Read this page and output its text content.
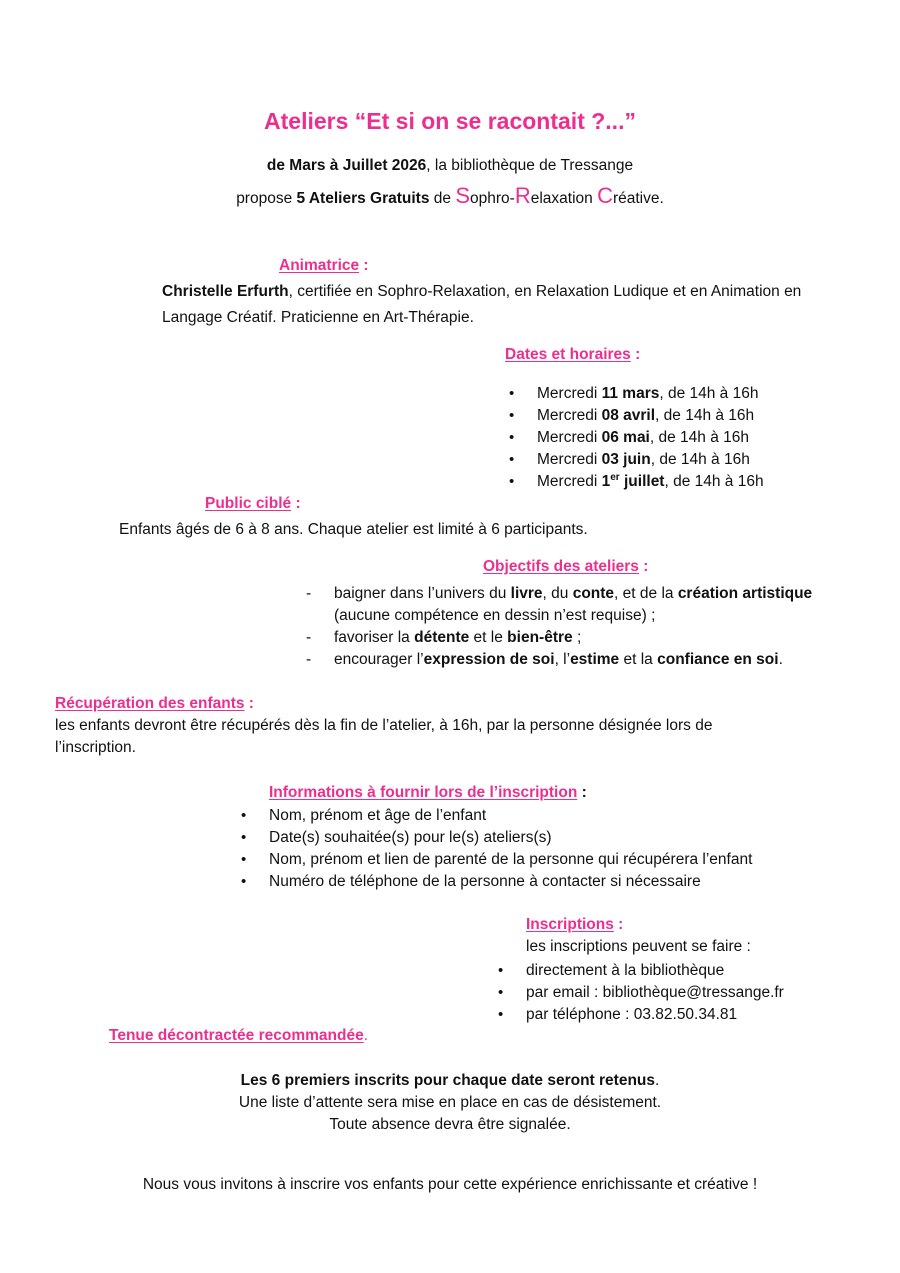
Ateliers “Et si on se racontait ?...”
de Mars à Juillet 2026, la bibliothèque de Tressange
propose 5 Ateliers Gratuits de Sophro-Relaxation Créative.
Animatrice :
Christelle Erfurth, certifiée en Sophro-Relaxation, en Relaxation Ludique et en Animation en
Langage Créatif. Praticienne en Art-Thérapie.
Dates et horaires :
• Mercredi 11 mars, de 14h à 16h
• Mercredi 08 avril, de 14h à 16h
• Mercredi 06 mai, de 14h à 16h
• Mercredi 03 juin, de 14h à 16h
• Mercredi 1er juillet, de 14h à 16h
Public ciblé :
Enfants âgés de 6 à 8 ans. Chaque atelier est limité à 6 participants.
Objectifs des ateliers :
- baigner dans l’univers du livre, du conte, et de la création artistique
(aucune compétence en dessin n’est requise) ;
- favoriser la détente et le bien-être ;
- encourager l’expression de soi, l’estime et la confiance en soi.
Récupération des enfants :
les enfants devront être récupérés dès la fin de l’atelier, à 16h, par la personne désignée lors de
l’inscription.
Informations à fournir lors de l’inscription :
• Nom, prénom et âge de l’enfant
• Date(s) souhaitée(s) pour le(s) ateliers(s)
• Nom, prénom et lien de parenté de la personne qui récupérera l’enfant
• Numéro de téléphone de la personne à contacter si nécessaire
Inscriptions :
les inscriptions peuvent se faire :
• directement à la bibliothèque
• par email : bibliothèque@tressange.fr
• par téléphone : 03.82.50.34.81
Tenue décontractée recommandée.
Les 6 premiers inscrits pour chaque date seront retenus.
Une liste d’attente sera mise en place en cas de désistement.
Toute absence devra être signalée.
Nous vous invitons à inscrire vos enfants pour cette expérience enrichissante et créative !
